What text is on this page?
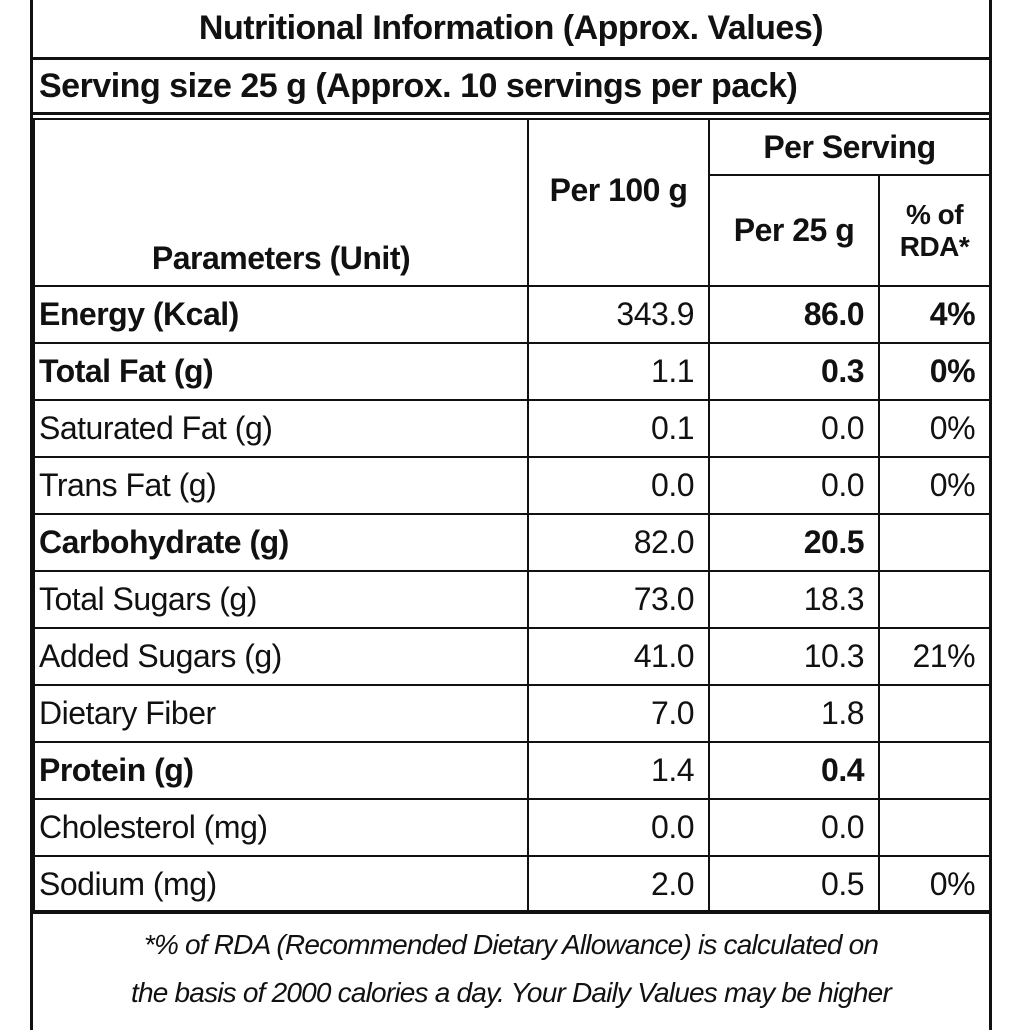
Nutritional Information (Approx. Values)
Serving size 25 g (Approx. 10 servings per pack)
Parameters (Unit)	Per 100 g	Per Serving	
		Per 25 g	% of RDA*
Energy (Kcal)	343.9	86.0	4%
Total Fat (g)	1.1	0.3	0%
Saturated Fat (g)	0.1	0.0	0%
Trans Fat (g)	0.0	0.0	0%
Carbohydrate (g)	82.0	20.5	
Total Sugars (g)	73.0	18.3	
Added Sugars (g)	41.0	10.3	21%
Dietary Fiber	7.0	1.8	
Protein (g)	1.4	0.4	
Cholesterol (mg)	0.0	0.0	
Sodium (mg)	2.0	0.5	0%
*% of RDA (Recommended Dietary Allowance) is calculated on
the basis of 2000 calories a day. Your Daily Values may be higher
